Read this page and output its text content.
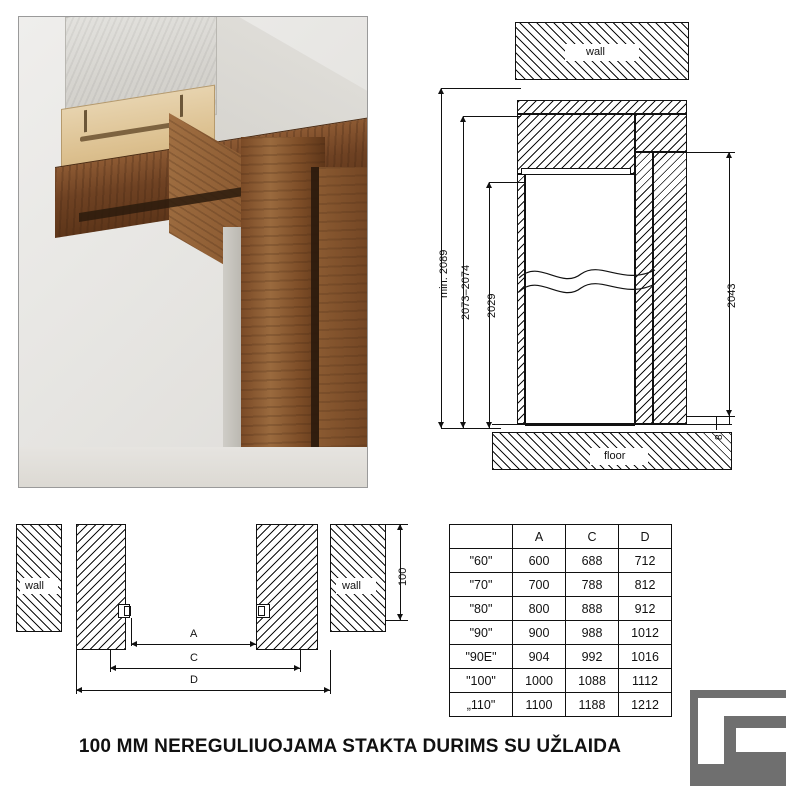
wall
floor
min. 2089 2073–2074 2029	2043
8
wall	wall	100
A
C
D
	A	C	D
"60"	600	688	712
"70"	700	788	812
"80"	800	888	912
"90"	900	988	1012
"90E"	904	992	1016
"100"	1000	1088	1112
„110"	1100	1188	1212
100 MM NEREGULIUOJAMA STAKTA DURIMS SU UŽLAIDA
